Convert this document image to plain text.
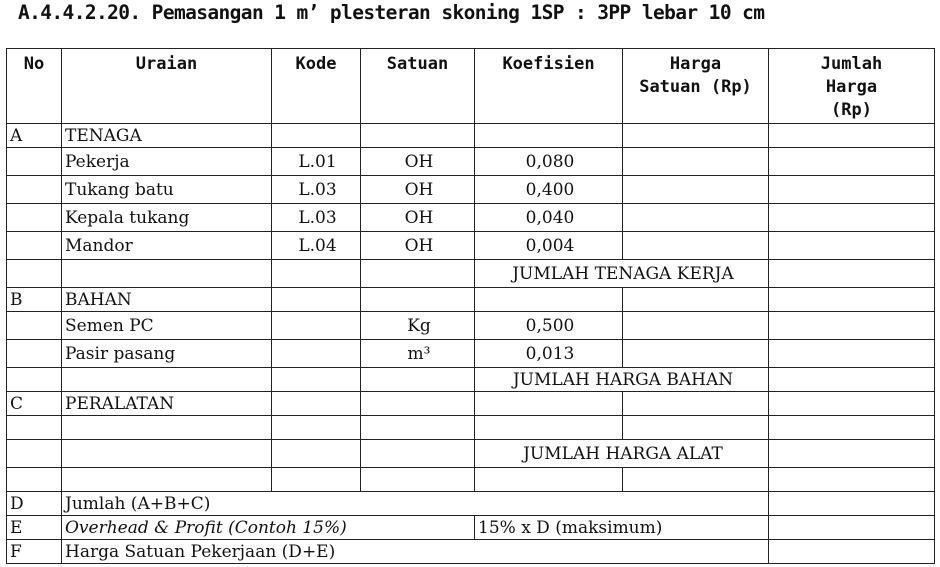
A.4.4.2.20. Pemasangan 1 m’ plesteran skoning 1SP : 3PP lebar 10 cm
No	Uraian	Kode	Satuan	Koefisien	Harga Satuan (Rp)	Jumlah Harga (Rp)
A	TENAGA					
	Pekerja	L.01	OH	0,080		
	Tukang batu	L.03	OH	0,400		
	Kepala tukang	L.03	OH	0,040		
	Mandor	L.04	OH	0,004		
				JUMLAH TENAGA KERJA		
B	BAHAN					
	Semen PC		Kg	0,500		
	Pasir pasang		m³	0,013		
				JUMLAH HARGA BAHAN		
C	PERALATAN					

				JUMLAH HARGA ALAT		

D	Jumlah (A+B+C)					
E	Overhead & Profit (Contoh 15%)			15% x D (maksimum)		
F	Harga Satuan Pekerjaan (D+E)					
